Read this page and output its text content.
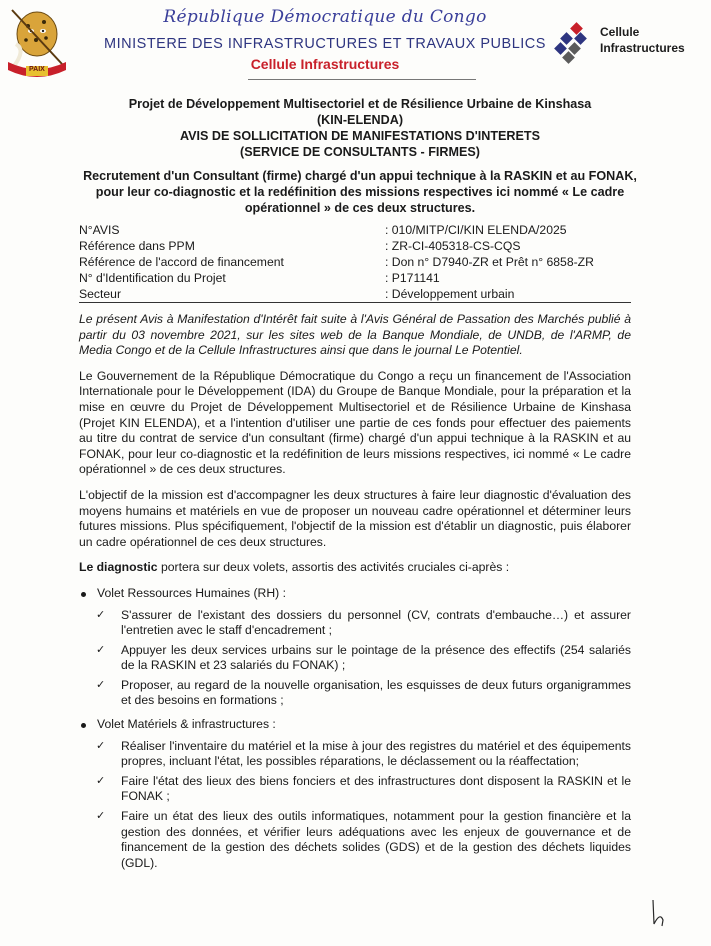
PAIX
République Démocratique du Congo
MINISTERE DES INFRASTRUCTURES ET TRAVAUX PUBLICS
Cellule Infrastructures
Cellule
Infrastructures
Projet de Développement Multisectoriel et de Résilience Urbaine de Kinshasa
(KIN-ELENDA)
AVIS DE SOLLICITATION DE MANIFESTATIONS D'INTERETS
(SERVICE DE CONSULTANTS - FIRMES)
Recrutement d'un Consultant (firme) chargé d'un appui technique à la RASKIN et au FONAK, pour leur co-diagnostic et la redéfinition des missions respectives ici nommé « Le cadre opérationnel » de ces deux structures.
N°AVIS	: 010/MITP/CI/KIN ELENDA/2025
Référence dans PPM	: ZR-CI-405318-CS-CQS
Référence de l'accord de financement	: Don n° D7940-ZR et Prêt n° 6858-ZR
N° d'Identification du Projet	: P171141
Secteur	: Développement urbain

Le présent Avis à Manifestation d'Intérêt fait suite à l'Avis Général de Passation des Marchés publié à partir du 03 novembre 2021, sur les sites web de la Banque Mondiale, de UNDB, de l'ARMP, de Media Congo et de la Cellule Infrastructures ainsi que dans le journal Le Potentiel.

Le Gouvernement de la République Démocratique du Congo a reçu un financement de l'Association Internationale pour le Développement (IDA) du Groupe de Banque Mondiale, pour la préparation et la mise en œuvre du Projet de Développement Multisectoriel et de Résilience Urbaine de Kinshasa (Projet KIN ELENDA), et a l'intention d'utiliser une partie de ces fonds pour effectuer des paiements au titre du contrat de service d'un consultant (firme) chargé d'un appui technique à la RASKIN et au FONAK, pour leur co-diagnostic et la redéfinition de leurs missions respectives, ici nommé « Le cadre opérationnel » de ces deux structures.

L'objectif de la mission est d'accompagner les deux structures à faire leur diagnostic d'évaluation des moyens humains et matériels en vue de proposer un nouveau cadre opérationnel et déterminer leurs futures missions. Plus spécifiquement, l'objectif de la mission est d'établir un diagnostic, puis élaborer un cadre opérationnel de ces deux structures.

Le diagnostic portera sur deux volets, assortis des activités cruciales ci-après :

Volet Ressources Humaines (RH) :
✓ S'assurer de l'existant des dossiers du personnel (CV, contrats d'embauche…) et assurer l'entretien avec le staff d'encadrement ;
✓ Appuyer les deux services urbains sur le pointage de la présence des effectifs (254 salariés de la RASKIN et 23 salariés du FONAK) ;
✓ Proposer, au regard de la nouvelle organisation, les esquisses de deux futurs organigrammes et des besoins en formations ;
Volet Matériels & infrastructures :
✓ Réaliser l'inventaire du matériel et la mise à jour des registres du matériel et des équipements propres, incluant l'état, les possibles réparations, le déclassement ou la réaffectation;
✓ Faire l'état des lieux des biens fonciers et des infrastructures dont disposent la RASKIN et le FONAK ;
✓ Faire un état des lieux des outils informatiques, notamment pour la gestion financière et la gestion des données, et vérifier leurs adéquations avec les enjeux de gouvernance et de financement de la gestion des déchets solides (GDS) et de la gestion des déchets liquides (GDL).
